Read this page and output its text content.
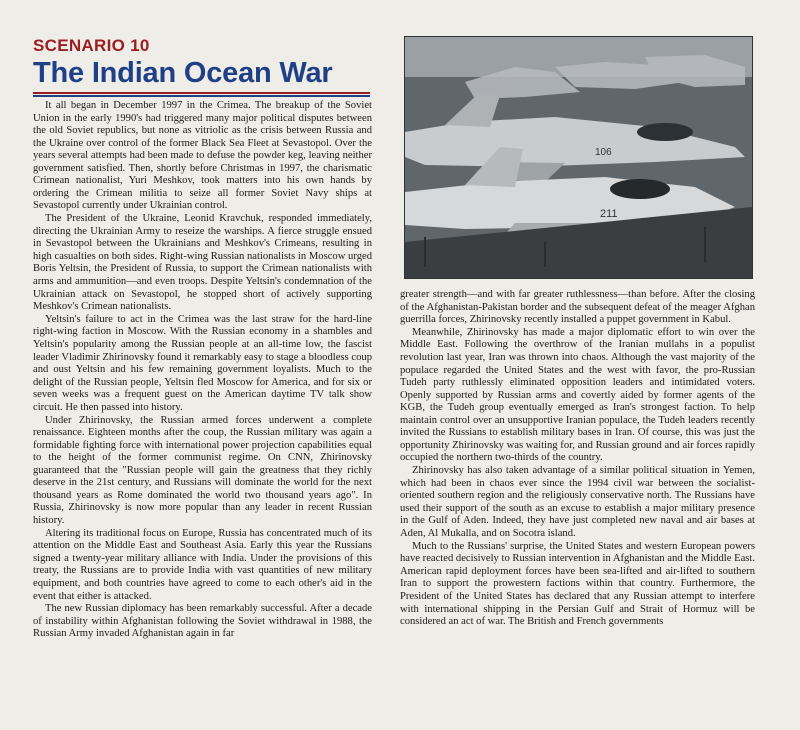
SCENARIO 10
The Indian Ocean War

It all began in December 1997 in the Crimea. The breakup of the Soviet Union in the early 1990's had triggered many major political disputes between the old Soviet republics, but none as vitriolic as the crisis between Russia and the Ukraine over control of the former Black Sea Fleet at Sevastopol. Over the years several attempts had been made to defuse the powder keg, leaving neither government satisfied. Then, shortly before Christmas in 1997, the charismatic Crimean nationalist, Yuri Meshkov, took matters into his own hands by ordering the Crimean militia to seize all former Soviet Navy ships at Sevastopol currently under Ukrainian control.

The President of the Ukraine, Leonid Kravchuk, responded immediately, directing the Ukrainian Army to reseize the warships. A fierce struggle ensued in Sevastopol between the Ukrainians and Meshkov's Crimeans, resulting in high casualties on both sides. Right-wing Russian nationalists in Moscow urged Boris Yeltsin, the President of Russia, to support the Crimean nationalists with arms and ammunition—and even troops. Despite Yeltsin's condemnation of the Ukrainian attack on Sevastopol, he stopped short of actively supporting Meshkov's Crimean nationalists.

Yeltsin's failure to act in the Crimea was the last straw for the hard-line right-wing faction in Moscow. With the Russian economy in a shambles and Yeltsin's popularity among the Russian people at an all-time low, the fascist leader Vladimir Zhirinovsky found it remarkably easy to stage a bloodless coup and oust Yeltsin and his few remaining government loyalists. Much to the delight of the Russian people, Yeltsin fled Moscow for America, and for six or seven weeks was a frequent guest on the American daytime TV talk show circuit. He then passed into history.

Under Zhirinovsky, the Russian armed forces underwent a complete renaissance. Eighteen months after the coup, the Russian military was again a formidable fighting force with international power projection capabilities equal to the height of the former communist regime. On CNN, Zhirinovsky guaranteed that the "Russian people will gain the greatness that they richly deserve in the 21st century, and Russians will dominate the world for the next thousand years as Rome dominated the world two thousand years ago". In Russia, Zhirinovsky is now more popular than any leader in recent Russian history.

Altering its traditional focus on Europe, Russia has concentrated much of its attention on the Middle East and Southeast Asia. Early this year the Russians signed a twenty-year military alliance with India. Under the provisions of this treaty, the Russians are to provide India with vast quantities of new military equipment, and both countries have agreed to come to each other's aid in the event that either is attacked.

The new Russian diplomacy has been remarkably successful. After a decade of instability within Afghanistan following the Soviet withdrawal in 1988, the Russian Army invaded Afghanistan again in far

106
211

greater strength—and with far greater ruthlessness—than before. After the closing of the Afghanistan-Pakistan border and the subsequent defeat of the meager Afghan guerrilla forces, Zhirinovsky recently installed a puppet government in Kabul.

Meanwhile, Zhirinovsky has made a major diplomatic effort to win over the Middle East. Following the overthrow of the Iranian mullahs in a populist revolution last year, Iran was thrown into chaos. Although the vast majority of the populace regarded the United States and the west with favor, the pro-Russian Tudeh party ruthlessly eliminated opposition leaders and intimidated voters. Openly supported by Russian arms and covertly aided by former agents of the KGB, the Tudeh group eventually emerged as Iran's strongest faction. To help maintain control over an unsupportive Iranian populace, the Tudeh leaders recently invited the Russians to establish military bases in Iran. Of course, this was just the opportunity Zhirinovsky was waiting for, and Russian ground and air forces rapidly occupied the northern two-thirds of the country.

Zhirinovsky has also taken advantage of a similar political situation in Yemen, which had been in chaos ever since the 1994 civil war between the socialist-oriented southern region and the religiously conservative north. The Russians have used their support of the south as an excuse to establish a major military presence in the Gulf of Aden. Indeed, they have just completed new naval and air bases at Aden, Al Mukalla, and on Socotra island.

Much to the Russians' surprise, the United States and western European powers have reacted decisively to Russian intervention in Afghanistan and the Middle East. American rapid deployment forces have been sea-lifted and air-lifted to southern Iran to support the prowestern factions within that country. Furthermore, the President of the United States has declared that any Russian attempt to interfere with international shipping in the Persian Gulf and Strait of Hormuz will be considered an act of war. The British and French governments
